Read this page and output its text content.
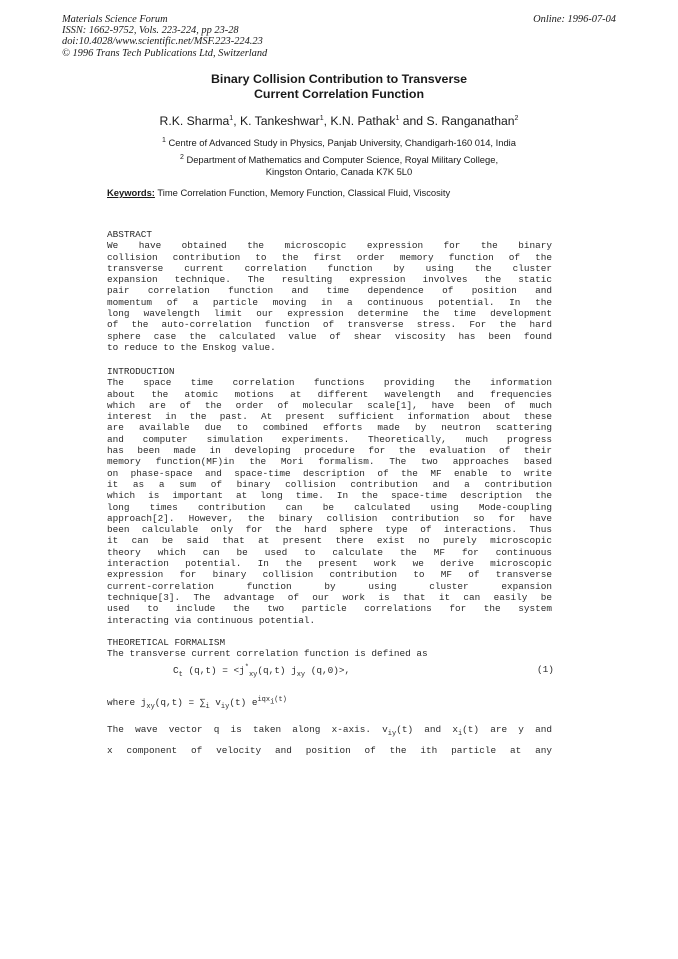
Materials Science Forum
ISSN: 1662-9752, Vols. 223-224, pp 23-28
doi:10.4028/www.scientific.net/MSF.223-224.23
© 1996 Trans Tech Publications Ltd, Switzerland
Online: 1996-07-04
Binary Collision Contribution to Transverse
Current Correlation Function
R.K. Sharma$^1$, K. Tankeshwar$^1$, K.N. Pathak$^1$ and S. Ranganathan$^2$
$^1$ Centre of Advanced Study in Physics, Panjab University, Chandigarh-160 014, India
$^2$ Department of Mathematics and Computer Science, Royal Military College,
Kingston Ontario, Canada K7K 5L0
Keywords: Time Correlation Function, Memory Function, Classical Fluid, Viscosity
ABSTRACT
We have obtained the microscopic expression for the binary
collision contribution to the first order memory function of the
transverse current correlation function by using the cluster
expansion technique. The resulting expression involves the static
pair correlation function and time dependence of position and
momentum of a particle moving in a continuous potential. In the
long wavelength limit our expression determine the time development
of the auto-correlation function of transverse stress. For the hard
sphere case the calculated value of shear viscosity has been found
to reduce to the Enskog value.
INTRODUCTION
The space time correlation functions providing the information
about the atomic motions at different wavelength and frequencies
which are of the order of molecular scale[1], have been of much
interest in the past. At present sufficient information about these
are available due to combined efforts made by neutron scattering
and computer simulation experiments. Theoretically, much progress
has been made in developing procedure for the evaluation of their
memory function(MF)in the Mori formalism. The two approaches based
on phase-space and space-time description of the MF enable to write
it as a sum of binary collision contribution and a contribution
which is important at long time. In the space-time description the
long times contribution can be calculated using Mode-coupling
approach[2]. However, the binary collision contribution so for have
been calculable only for the hard sphere type of interactions. Thus
it can be said that at present there exist no purely microscopic
theory which can be used to calculate the MF for continuous
interaction potential. In the present work we derive microscopic
expression for binary collision contribution to MF of transverse
current-correlation function by using cluster expansion
technique[3]. The advantage of our work is that it can easily be
used to include the two particle correlations for the system
interacting via continuous potential.
THEORETICAL FORMALISM
The transverse current correlation function is defined as
$C_t$ $(q,t) = <j^*_{xy}(q,t)$ $j_{xy}$ (q,0)>,	(1)
where $j_{xy}(q,t) = \sum_i$ $v_{iy}(t)$ $e^{iqx_i(t)}$
The wave vector q is taken along x-axis. $v_{iy}(t)$ and $x_i(t)$ are y and
x component of velocity and position of the ith particle at any
